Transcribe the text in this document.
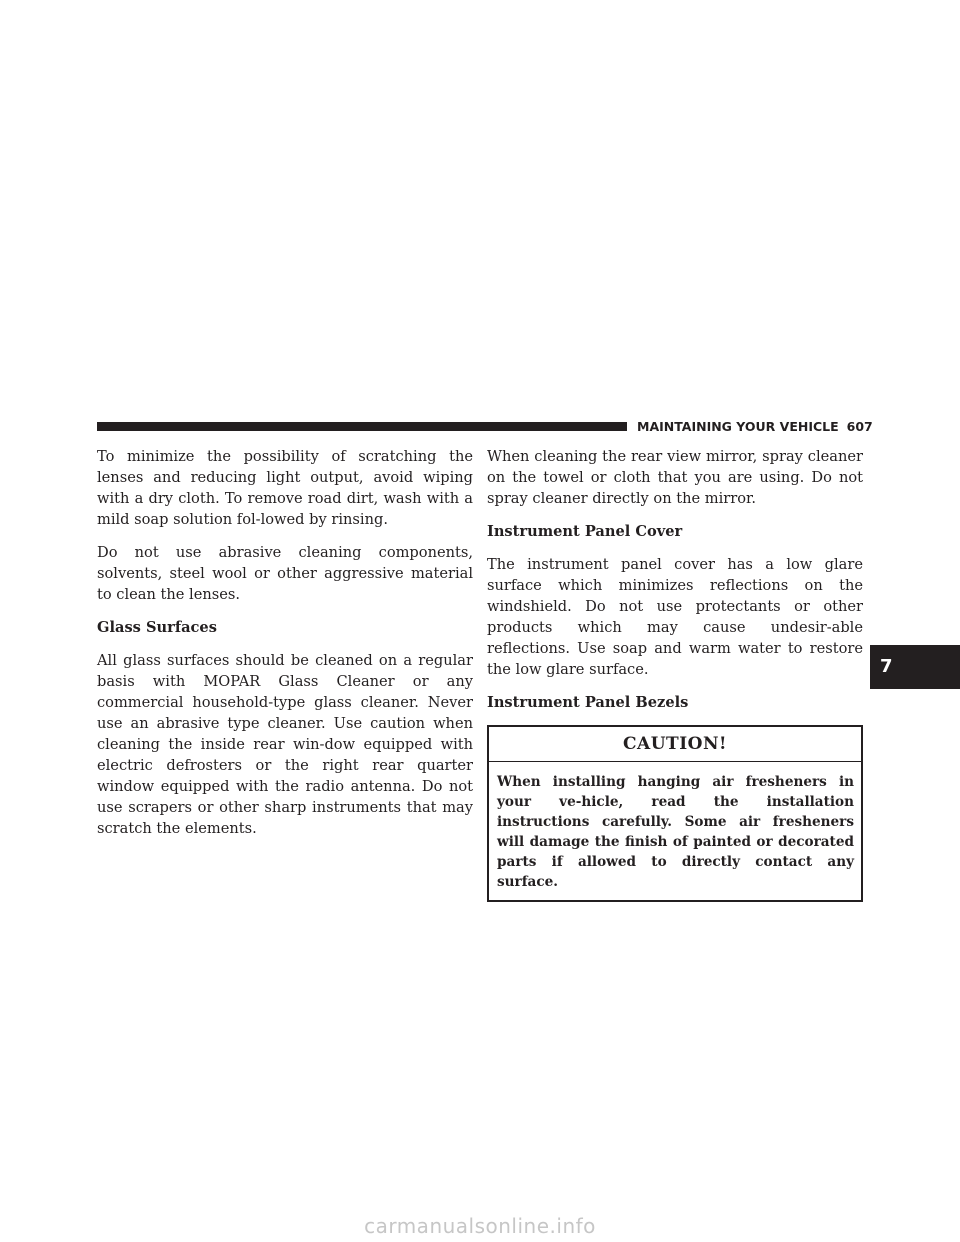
MAINTAINING YOUR VEHICLE 607

To minimize the possibility of scratching the lenses and reducing light output, avoid wiping with a dry cloth. To remove road dirt, wash with a mild soap solution fol-lowed by rinsing.

Do not use abrasive cleaning components, solvents, steel wool or other aggressive material to clean the lenses.

Glass Surfaces

All glass surfaces should be cleaned on a regular basis with MOPAR Glass Cleaner or any commercial household-type glass cleaner. Never use an abrasive type cleaner. Use caution when cleaning the inside rear win-dow equipped with electric defrosters or the right rear quarter window equipped with the radio antenna. Do not use scrapers or other sharp instruments that may scratch the elements.

When cleaning the rear view mirror, spray cleaner on the towel or cloth that you are using. Do not spray cleaner directly on the mirror.

Instrument Panel Cover

The instrument panel cover has a low glare surface which minimizes reflections on the windshield. Do not use protectants or other products which may cause undesir-able reflections. Use soap and warm water to restore the low glare surface.

Instrument Panel Bezels
CAUTION!
When installing hanging air fresheners in your ve-hicle, read the installation instructions carefully. Some air fresheners will damage the finish of painted or decorated parts if allowed to directly contact any surface.
7
carmanualsonline.info
